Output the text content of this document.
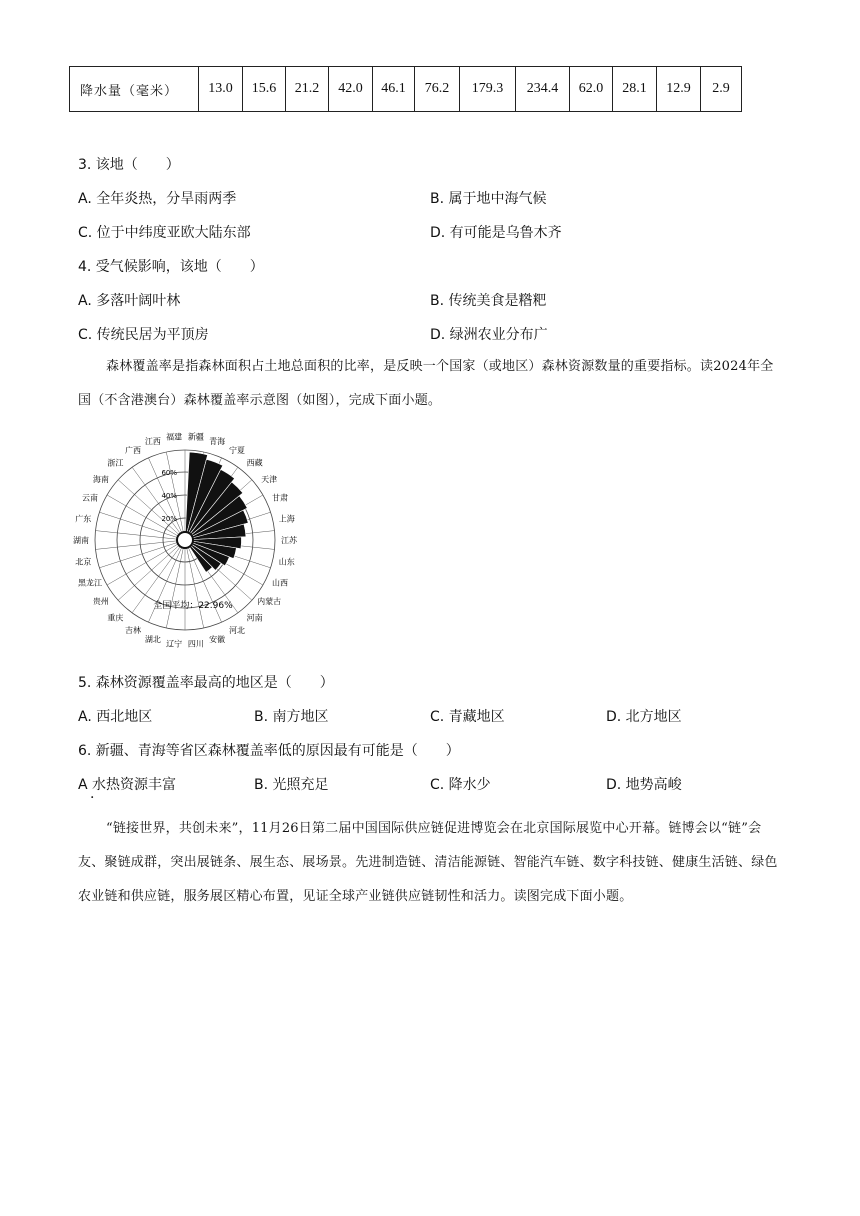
降水量（毫米）	13.0	15.6	21.2	42.0	46.1	76.2	179.3	234.4	62.0	28.1	12.9	2.9
3. 该地（　　）
A. 全年炎热，分旱雨两季	B. 属于地中海气候
C. 位于中纬度亚欧大陆东部	D. 有可能是乌鲁木齐
4. 受气候影响，该地（　　）
A. 多落叶阔叶林	B. 传统美食是糌粑
C. 传统民居为平顶房	D. 绿洲农业分布广
森林覆盖率是指森林面积占土地总面积的比率，是反映一个国家（或地区）森林资源数量的重要指标。读2024年全国（不含港澳台）森林覆盖率示意图（如图），完成下面小题。
新疆
青海
宁夏
西藏
天津
甘肃
上海
江苏
山东
山西
内蒙古
河南
河北
安徽
四川
辽宁
湖北
吉林
重庆
贵州
黑龙江
北京
湖南
广东
云南
海南
浙江
广西
江西
福建
20%
40%
60%
全国平均：22.96%
5. 森林资源覆盖率最高的地区是（　　）
A. 西北地区	B. 南方地区	C. 青藏地区	D. 北方地区
6. 新疆、青海等省区森林覆盖率低的原因最有可能是（　　）
A 水热资源丰富	B. 光照充足	C. 降水少	D. 地势高峻
·
“链接世界，共创未来”，11月26日第二届中国国际供应链促进博览会在北京国际展览中心开幕。链博会以“链”会友、聚链成群，突出展链条、展生态、展场景。先进制造链、清洁能源链、智能汽车链、数字科技链、健康生活链、绿色农业链和供应链，服务展区精心布置，见证全球产业链供应链韧性和活力。读图完成下面小题。
